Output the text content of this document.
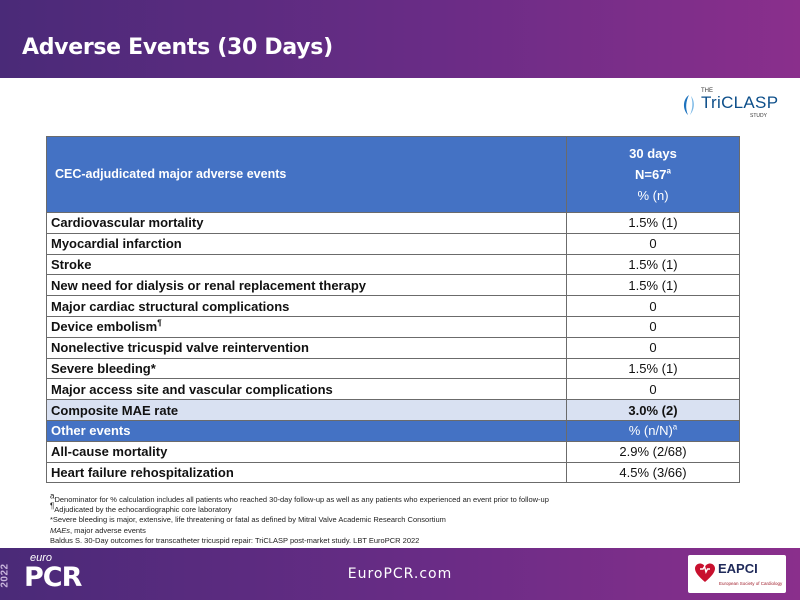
Adverse Events (30 Days)
THE
TriCLASP
STUDY
CEC-adjudicated major adverse events	30 days
$N=67^a$
% (n)

Cardiovascular mortality	1.5% (1)
Myocardial infarction	0
Stroke	1.5% (1)
New need for dialysis or renal replacement therapy	1.5% (1)
Major cardiac structural complications	0
Device embolism¶	0
Nonelective tricuspid valve reintervention	0
Severe bleeding*	1.5% (1)
Major access site and vascular complications	0
Composite MAE rate	3.0% (2)
Other events	% $(n/N)^a$
All-cause mortality	2.9% (2/68)
Heart failure rehospitalization	4.5% (3/66)
$^a$Denominator for % calculation includes all patients who reached 30-day follow-up as well as any patients who experienced an event prior to follow-up
¶Adjudicated by the echocardiographic core laboratory
*Severe bleeding is major, extensive, life threatening or fatal as defined by Mitral Valve Academic Research Consortium
MAEs, major adverse events
Baldus S. 30-Day outcomes for transcatheter tricuspid repair: TriCLASP post-market study. LBT EuroPCR 2022
2022
euro
PCR	EuroPCR.com	EAPCI
European Society of Cardiology
